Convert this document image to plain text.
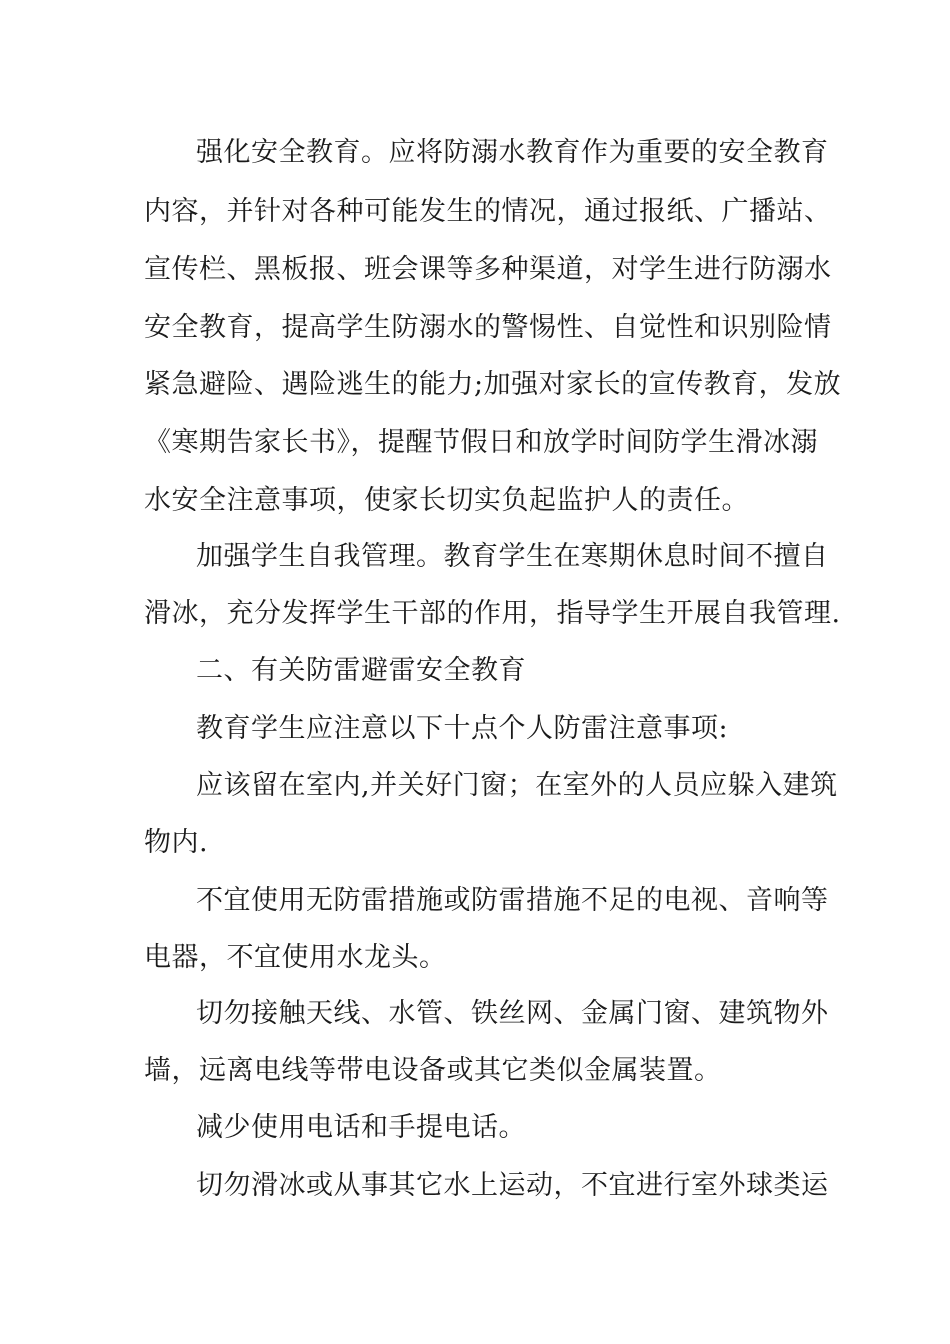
强化安全教育。应将防溺水教育作为重要的安全教育
内容，并针对各种可能发生的情况，通过报纸、广播站、
宣传栏、黑板报、班会课等多种渠道，对学生进行防溺水
安全教育，提高学生防溺水的警惕性、自觉性和识别险情
紧急避险、遇险逃生的能力;加强对家长的宣传教育，发放
《寒期告家长书》，提醒节假日和放学时间防学生滑冰溺
水安全注意事项，使家长切实负起监护人的责任。
加强学生自我管理。教育学生在寒期休息时间不擅自
滑冰，充分发挥学生干部的作用，指导学生开展自我管理.
二、有关防雷避雷安全教育
教育学生应注意以下十点个人防雷注意事项:
应该留在室内,并关好门窗；在室外的人员应躲入建筑
物内.
不宜使用无防雷措施或防雷措施不足的电视、音响等
电器，不宜使用水龙头。
切勿接触天线、水管、铁丝网、金属门窗、建筑物外
墙，远离电线等带电设备或其它类似金属装置。
减少使用电话和手提电话。
切勿滑冰或从事其它水上运动，不宜进行室外球类运
